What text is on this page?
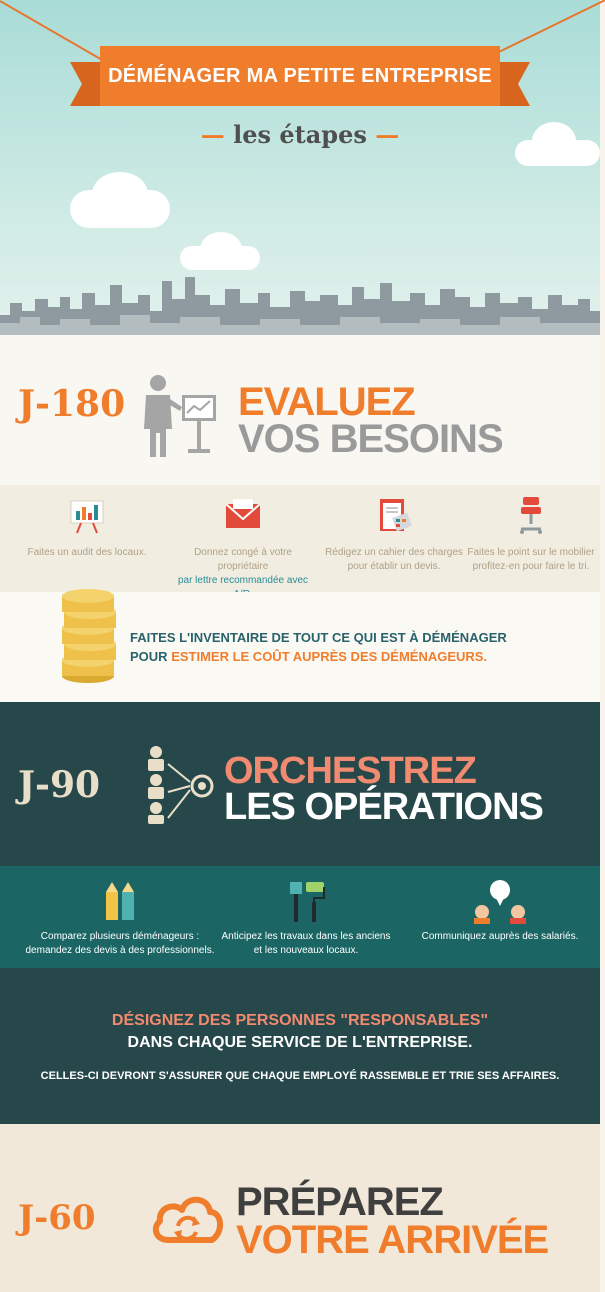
DÉMÉNAGER MA PETITE ENTREPRISE
— les étapes —
J-180	EVALUEZ
VOS BESOINS
Faites un audit des locaux.	Donnez congé à votre propriétaire
par lettre recommandée avec
Rédigez un cahier des charges
pour établir un devis.
Faites le point sur le mobilier
profitez-en pour faire le tri.
FAITES L'INVENTAIRE DE TOUT CE QUI EST À DÉMÉNAGER
POUR ESTIMER LE COÛT AUPRÈS DES DÉMÉNAGEURS.
J-90	ORCHESTREZ
LES OPÉRATIONS
Comparez plusieurs déménageurs :
demandez des devis à des professionnels.
Anticipez les travaux dans les anciens
et les nouveaux locaux.
Communiquez auprès des salariés.
DÉSIGNEZ DES PERSONNES "RESPONSABLES"
DANS CHAQUE SERVICE DE L'ENTREPRISE.
CELLES-CI DEVRONT S'ASSURER QUE CHAQUE EMPLOYÉ RASSEMBLE ET TRIE SES AFFAIRES.
J-60	PRÉPAREZ
VOTRE ARRIVÉE
